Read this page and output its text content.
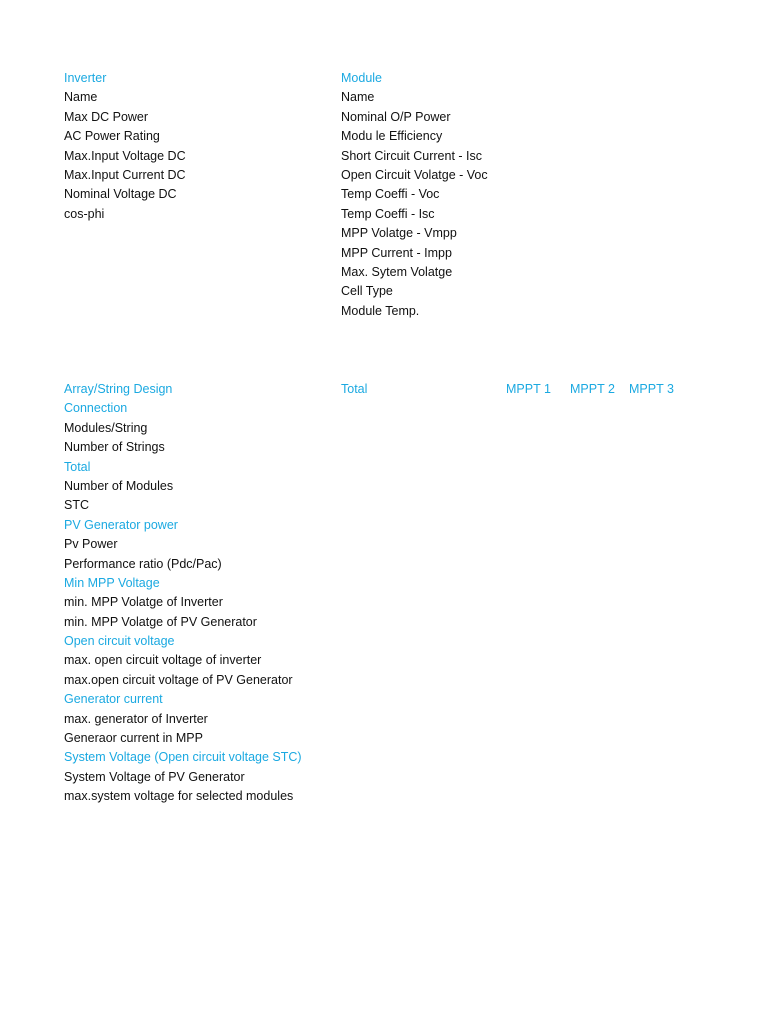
Inverter
Name
Max DC Power
AC Power Rating
Max.Input Voltage DC
Max.Input Current DC
Nominal Voltage DC
cos-phi
Module
Name
Nominal O/P Power
Modu le Efficiency
Short Circuit Current - Isc
Open Circuit Volatge - Voc
Temp Coeffi - Voc
Temp Coeffi - Isc
MPP Volatge - Vmpp
MPP Current - Impp
Max. Sytem Volatge
Cell Type
Module Temp.
Array/String Design
Connection
Modules/String
Number of Strings
Total
Number of Modules
STC
PV Generator power
Pv Power
Performance ratio (Pdc/Pac)
Min MPP Voltage
min. MPP Volatge of Inverter
min. MPP Volatge of PV Generator
Open circuit voltage
max. open circuit voltage of inverter
max.open circuit voltage of PV Generator
Generator current
max. generator of Inverter
Generaor current in MPP
System Voltage (Open circuit voltage STC)
System Voltage of PV Generator
max.system voltage for selected modules
Total	MPPT 1 MPPT 2 MPPT 3
